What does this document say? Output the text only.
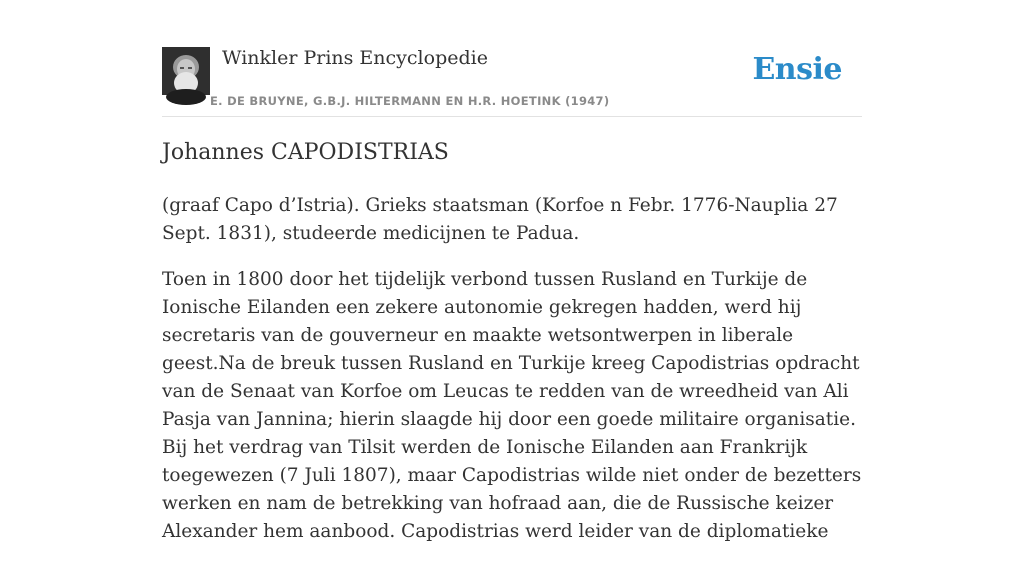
Winkler Prins Encyclopedie
E. DE BRUYNE, G.B.J. HILTERMANN EN H.R. HOETINK (1947)
Ensie
Johannes CAPODISTRIAS

(graaf Capo d’Istria). Grieks staatsman (Korfoe n Febr. 1776-Nauplia 27 Sept. 1831), studeerde medicijnen te Padua.

Toen in 1800 door het tijdelijk verbond tussen Rusland en Turkije de Ionische Eilanden een zekere autonomie gekregen hadden, werd hij secretaris van de gouverneur en maakte wetsontwerpen in liberale geest.Na de breuk tussen Rusland en Turkije kreeg Capodistrias opdracht van de Senaat van Korfoe om Leucas te redden van de wreedheid van Ali Pasja van Jannina; hierin slaagde hij door een goede militaire organisatie. Bij het verdrag van Tilsit werden de Ionische Eilanden aan Frankrijk toegewezen (7 Juli 1807), maar Capodistrias wilde niet onder de bezetters werken en nam de betrekking van hofraad aan, die de Russische keizer Alexander hem aanbood. Capodistrias werd leider van de diplomatieke
